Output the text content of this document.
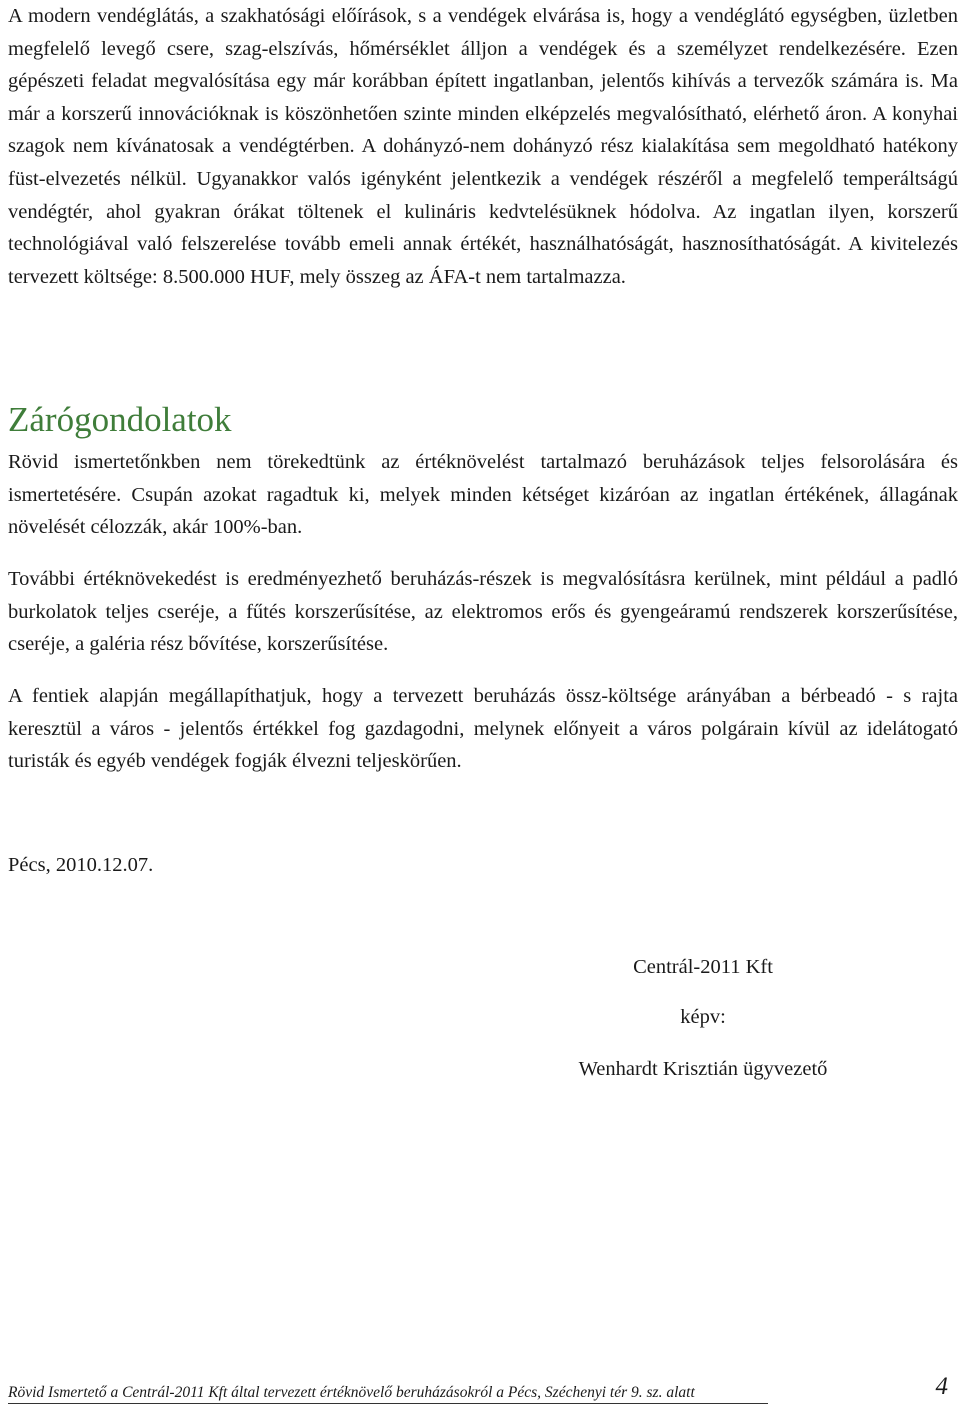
A modern vendéglátás, a szakhatósági előírások, s a vendégek elvárása is, hogy a vendéglátó egységben, üzletben megfelelő levegő csere, szag-elszívás, hőmérséklet álljon a vendégek és a személyzet rendelkezésére. Ezen gépészeti feladat megvalósítása egy már korábban épített ingatlanban, jelentős kihívás a tervezők számára is. Ma már a korszerű innovációknak is köszönhetően szinte minden elképzelés megvalósítható, elérhető áron. A konyhai szagok nem kívánatosak a vendégtérben. A dohányzó-nem dohányzó rész kialakítása sem megoldható hatékony füst-elvezetés nélkül. Ugyanakkor valós igényként jelentkezik a vendégek részéről a megfelelő temperáltságú vendégtér, ahol gyakran órákat töltenek el kulináris kedvtelésüknek hódolva. Az ingatlan ilyen, korszerű technológiával való felszerelése tovább emeli annak értékét, használhatóságát, hasznosíthatóságát. A kivitelezés tervezett költsége: 8.500.000 HUF, mely összeg az ÁFA-t nem tartalmazza.

Zárógondolatok

Rövid ismertetőnkben nem törekedtünk az értéknövelést tartalmazó beruházások teljes felsorolására és ismertetésére. Csupán azokat ragadtuk ki, melyek minden kétséget kizáróan az ingatlan értékének, állagának növelését célozzák, akár 100%-ban.

További értéknövekedést is eredményezhető beruházás-részek is megvalósításra kerülnek, mint például a padló burkolatok teljes cseréje, a fűtés korszerűsítése, az elektromos erős és gyengeáramú rendszerek korszerűsítése, cseréje, a galéria rész bővítése, korszerűsítése.

A fentiek alapján megállapíthatjuk, hogy a tervezett beruházás össz-költsége arányában a bérbeadó - s rajta keresztül a város - jelentős értékkel fog gazdagodni, melynek előnyeit a város polgárain kívül az idelátogató turisták és egyéb vendégek fogják élvezni teljeskörűen.

Pécs, 2010.12.07.
Centrál-2011 Kft
képv:
Wenhardt Krisztián ügyvezető
Rövid Ismertető a Centrál-2011 Kft által tervezett értéknövelő beruházásokról a Pécs, Széchenyi tér 9. sz. alatt	4
